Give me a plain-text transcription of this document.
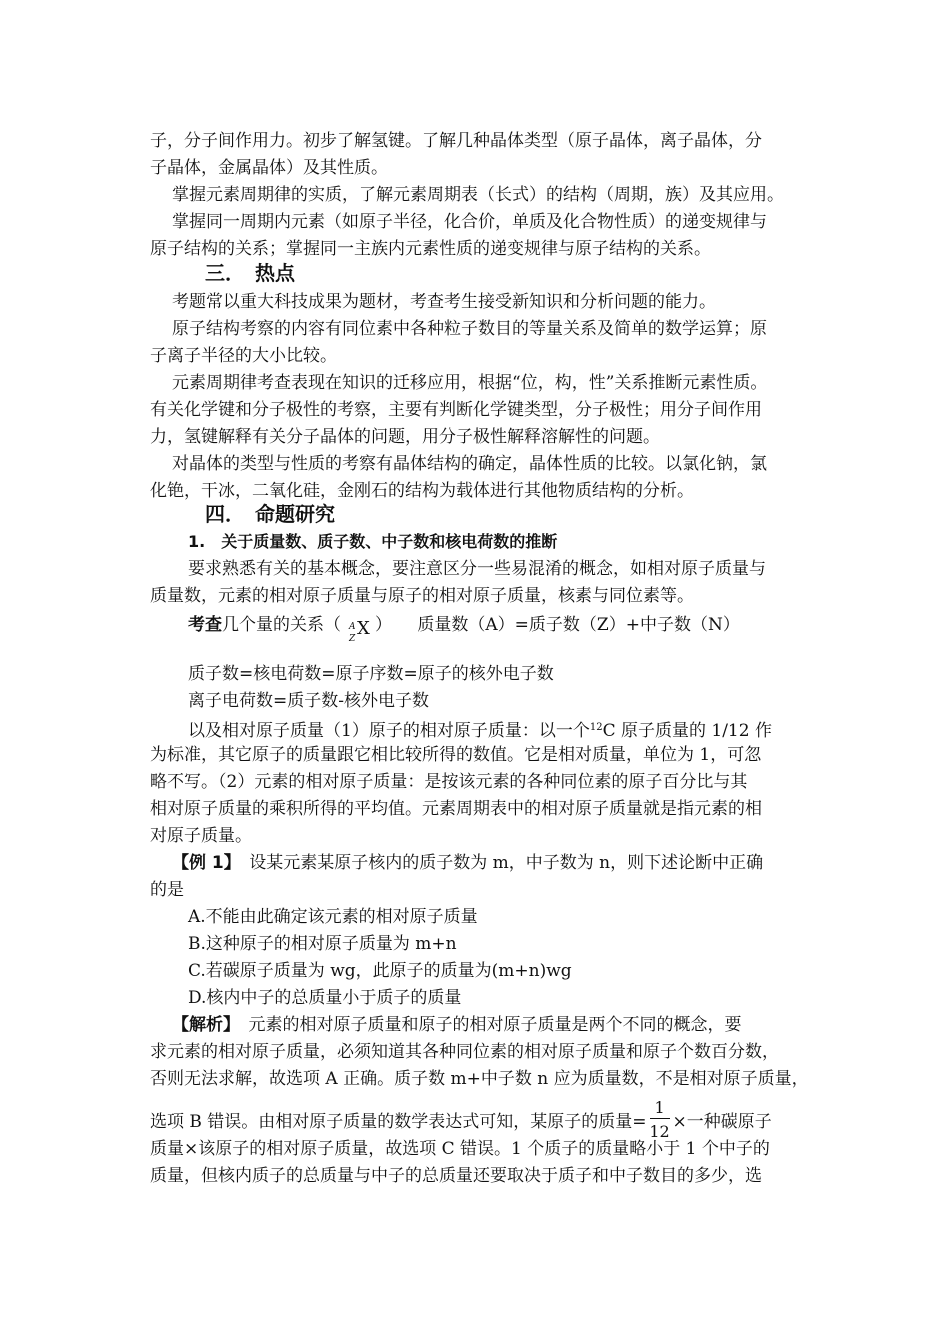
子，分子间作用力。初步了解氢键。了解几种晶体类型（原子晶体，离子晶体，分
子晶体，金属晶体）及其性质。
掌握元素周期律的实质，了解元素周期表（长式）的结构（周期，族）及其应用。
掌握同一周期内元素（如原子半径，化合价，单质及化合物性质）的递变规律与
原子结构的关系；掌握同一主族内元素性质的递变规律与原子结构的关系。
三．　热点
考题常以重大科技成果为题材，考查考生接受新知识和分析问题的能力。
原子结构考察的内容有同位素中各种粒子数目的等量关系及简单的数学运算；原
子离子半径的大小比较。
元素周期律考查表现在知识的迁移应用，根据“位，构，性”关系推断元素性质。
有关化学键和分子极性的考察，主要有判断化学键类型，分子极性；用分子间作用
力，氢键解释有关分子晶体的问题，用分子极性解释溶解性的问题。
对晶体的类型与性质的考察有晶体结构的确定，晶体性质的比较。以氯化钠，氯
化铯，干冰，二氧化硅，金刚石的结构为载体进行其他物质结构的分析。
四．　命题研究
1.　关于质量数、质子数、中子数和核电荷数的推断
要求熟悉有关的基本概念，要注意区分一些易混淆的概念，如相对原子质量与
质量数，元素的相对原子质量与原子的相对原子质量，核素与同位素等。
考查几个量的关系（ A
Z X ） 质量数（A）=质子数（Z）+中子数（N）
质子数=核电荷数=原子序数=原子的核外电子数
离子电荷数=质子数-核外电子数
以及相对原子质量（1）原子的相对原子质量：以一个$^{12}$C 原子质量的 1/12 作
为标准，其它原子的质量跟它相比较所得的数值。它是相对质量，单位为 1，可忽
略不写。（2）元素的相对原子质量：是按该元素的各种同位素的原子百分比与其
相对原子质量的乘积所得的平均值。元素周期表中的相对原子质量就是指元素的相
对原子质量。
【例 1】　设某元素某原子核内的质子数为 m，中子数为 n，则下述论断中正确
的是
A.不能由此确定该元素的相对原子质量
B.这种原子的相对原子质量为 m+n
C.若碳原子质量为 wg，此原子的质量为(m+n)wg
D.核内中子的总质量小于质子的质量
【解析】　元素的相对原子质量和原子的相对原子质量是两个不同的概念，要
求元素的相对原子质量，必须知道其各种同位素的相对原子质量和原子个数百分数，
否则无法求解，故选项 A 正确。质子数 m+中子数 n 应为质量数，不是相对原子质量，
选项 B 错误。由相对原子质量的数学表达式可知，某原子的质量= $\frac{1}{12}$ ×一种碳原子
质量×该原子的相对原子质量，故选项 C 错误。1 个质子的质量略小于 1 个中子的
质量，但核内质子的总质量与中子的总质量还要取决于质子和中子数目的多少，选
